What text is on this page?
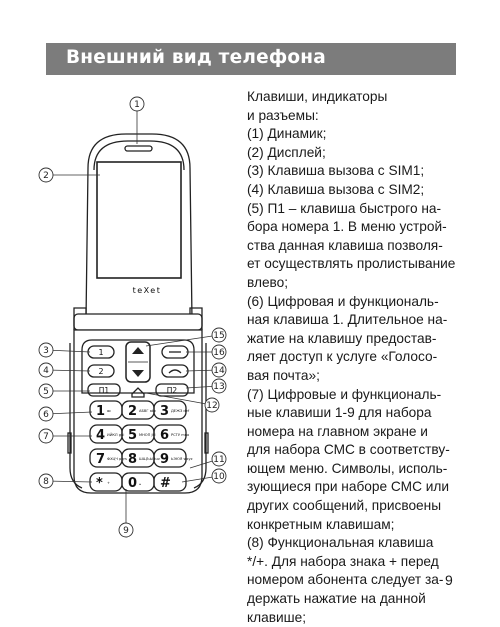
Внешний вид телефона
teXet
1
2
П1	П2
1 ꝏ 2 АБВГ abc 3 ДЕЖЗ def
4 ИЙКЛ ghi 5 МНОП jkl 6 РСТУ mno
7 ФХЦЧ pqrs 8 ШЩЪЫ tuv 9 ЬЭЮЯ wxyz
* + 0 ␣ #
1
2
3
4
5
6
7
8
9
10
11
12
13
14
15
16

Клавиши, индикаторы

и разъемы:

(1) Динамик;

(2) Дисплей;

(3) Клавиша вызова с SIM1;

(4) Клавиша вызова с SIM2;

(5) П1 – клавиша быстрого на-

бора номера 1. В меню устрой-

ства данная клавиша позволя-

ет осуществлять пролистывание

влево;

(6) Цифровая и функциональ-

ная клавиша 1. Длительное на-

жатие на клавишу предостав-

ляет доступ к услуге «Голосо-

вая почта»;

(7) Цифровые и функциональ-

ные клавиши 1-9 для набора

номера на главном экране и

для набора СМС в соответству-

ющем меню. Символы, исполь-

зующиеся при наборе СМС или

других сообщений, присвоены

конкретным клавишам;

(8) Функциональная клавиша

*/+. Для набора знака + перед

номером абонента следует за-

держать нажатие на данной

клавише;

9
